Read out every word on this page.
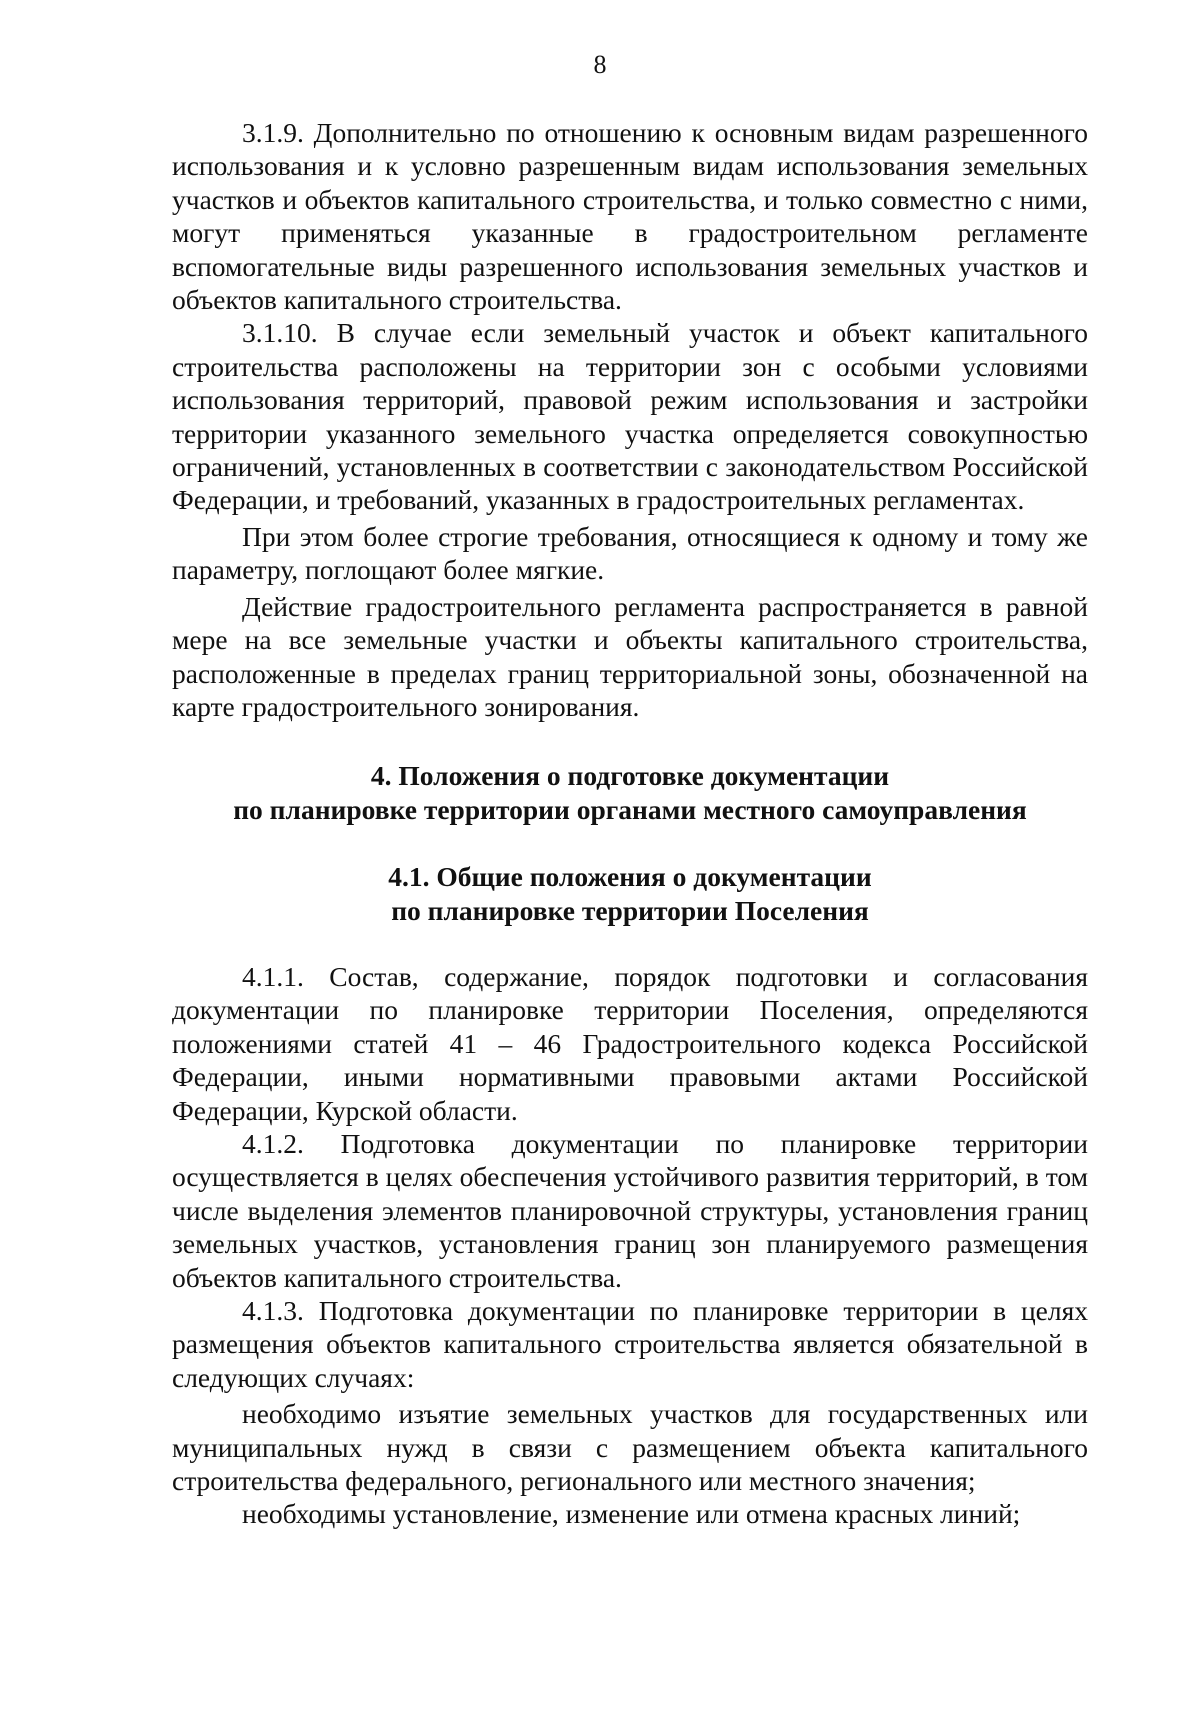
8

3.1.9. Дополнительно по отношению к основным видам разрешенного использования и к условно разрешенным видам использования земельных участков и объектов капитального строительства, и только совместно с ними, могут применяться указанные в градостроительном регламенте вспомогательные виды разрешенного использования земельных участков и объектов капитального строительства.

3.1.10. В случае если земельный участок и объект капитального строительства расположены на территории зон с особыми условиями использования территорий, правовой режим использования и застройки территории указанного земельного участка определяется совокупностью ограничений, установленных в соответствии с законодательством Российской Федерации, и требований, указанных в градостроительных регламентах.

При этом более строгие требования, относящиеся к одному и тому же параметру, поглощают более мягкие.

Действие градостроительного регламента распространяется в равной мере на все земельные участки и объекты капитального строительства, расположенные в пределах границ территориальной зоны, обозначенной на карте градостроительного зонирования.

4. Положения о подготовке документации
по планировке территории органами местного самоуправления

4.1. Общие положения о документации
по планировке территории Поселения

4.1.1. Состав, содержание, порядок подготовки и согласования документации по планировке территории Поселения, определяются положениями статей 41 – 46 Градостроительного кодекса Российской Федерации, иными нормативными правовыми актами Российской Федерации, Курской области.

4.1.2. Подготовка документации по планировке территории осуществляется в целях обеспечения устойчивого развития территорий, в том числе выделения элементов планировочной структуры, установления границ земельных участков, установления границ зон планируемого размещения объектов капитального строительства.

4.1.3. Подготовка документации по планировке территории в целях размещения объектов капитального строительства является обязательной в следующих случаях:

необходимо изъятие земельных участков для государственных или муниципальных нужд в связи с размещением объекта капитального строительства федерального, регионального или местного значения;

необходимы установление, изменение или отмена красных линий;
